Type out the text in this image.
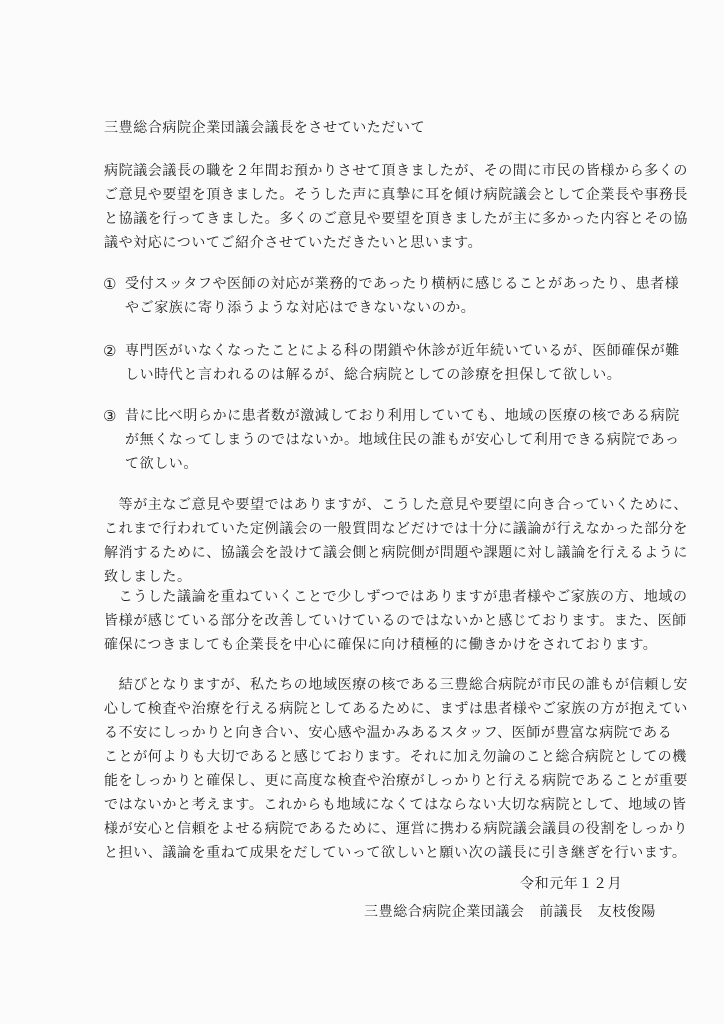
三豊総合病院企業団議会議長をさせていただいて
病院議会議長の職を２年間お預かりさせて頂きましたが、その間に市民の皆様から多くの
ご意見や要望を頂きました。そうした声に真摯に耳を傾け病院議会として企業長や事務長
と協議を行ってきました。多くのご意見や要望を頂きましたが主に多かった内容とその協
議や対応についてご紹介させていただきたいと思います。
① 受付スッタフや医師の対応が業務的であったり横柄に感じることがあったり、患者様
やご家族に寄り添うような対応はできないないのか。
② 専門医がいなくなったことによる科の閉鎖や休診が近年続いているが、医師確保が難
しい時代と言われるのは解るが、総合病院としての診療を担保して欲しい。
③ 昔に比べ明らかに患者数が激減しており利用していても、地域の医療の核である病院
が無くなってしまうのではないか。地域住民の誰もが安心して利用できる病院であっ
て欲しい。
　等が主なご意見や要望ではありますが、こうした意見や要望に向き合っていくために、
これまで行われていた定例議会の一般質問などだけでは十分に議論が行えなかった部分を
解消するために、協議会を設けて議会側と病院側が問題や課題に対し議論を行えるように
致しました。
　こうした議論を重ねていくことで少しずつではありますが患者様やご家族の方、地域の
皆様が感じている部分を改善していけているのではないかと感じております。また、医師
確保につきましても企業長を中心に確保に向け積極的に働きかけをされております。
　結びとなりますが、私たちの地域医療の核である三豊総合病院が市民の誰もが信頼し安
心して検査や治療を行える病院としてあるために、まずは患者様やご家族の方が抱えてい
る不安にしっかりと向き合い、安心感や温かみあるスタッフ、医師が豊富な病院である
ことが何よりも大切であると感じております。それに加え勿論のこと総合病院としての機
能をしっかりと確保し、更に高度な検査や治療がしっかりと行える病院であることが重要
ではないかと考えます。これからも地域になくてはならない大切な病院として、地域の皆
様が安心と信頼をよせる病院であるために、運営に携わる病院議会議員の役割をしっかり
と担い、議論を重ねて成果をだしていって欲しいと願い次の議長に引き継ぎを行います。
令和元年１２月
三豊総合病院企業団議会　前議長　友枝俊陽
